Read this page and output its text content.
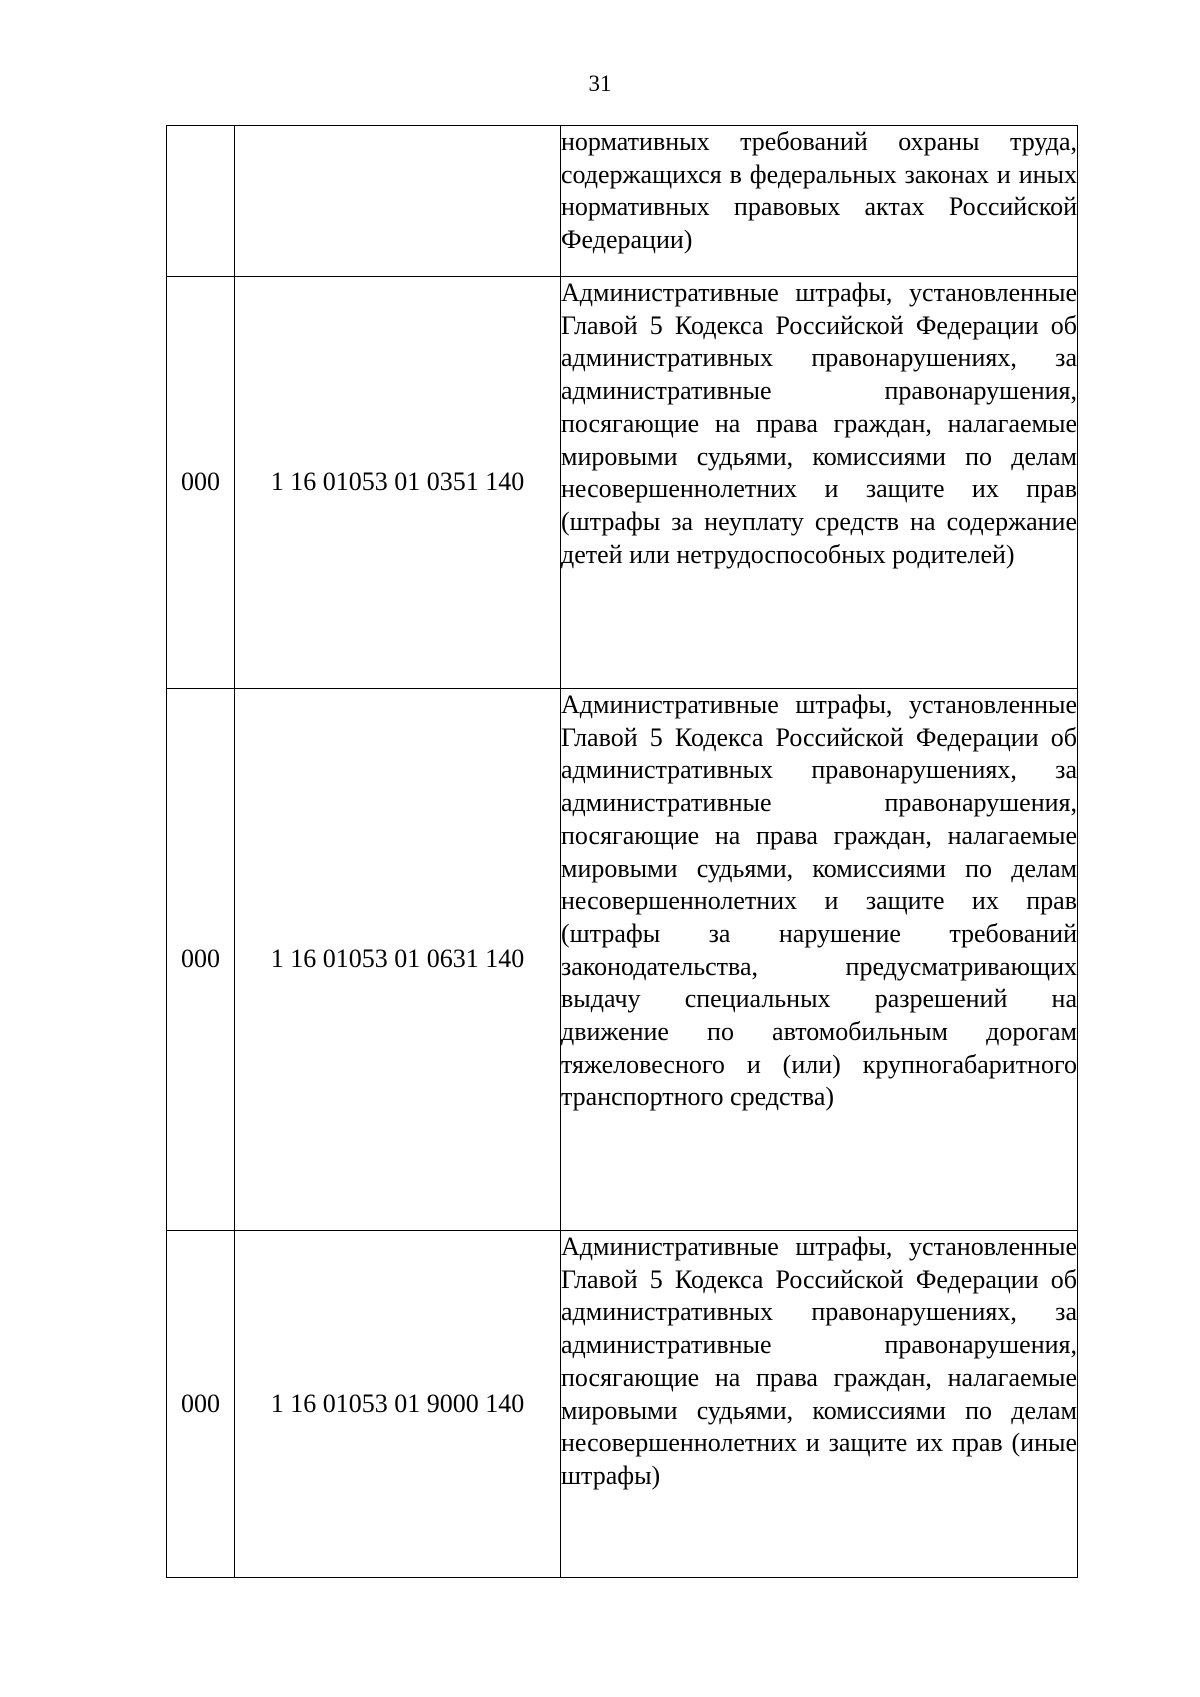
31
		нормативных требований охраны труда, содержащихся в федеральных законах и иных нормативных правовых актах Российской Федерации)
000	1 16 01053 01 0351 140	Административные штрафы, установленные Главой 5 Кодекса Российской Федерации об административных правонарушениях, за административные правонарушения, посягающие на права граждан, налагаемые мировыми судьями, комиссиями по делам несовершеннолетних и защите их прав (штрафы за неуплату средств на содержание детей или нетрудоспособных родителей)
000	1 16 01053 01 0631 140	Административные штрафы, установленные Главой 5 Кодекса Российской Федерации об административных правонарушениях, за административные правонарушения, посягающие на права граждан, налагаемые мировыми судьями, комиссиями по делам несовершеннолетних и защите их прав (штрафы за нарушение требований законодательства, предусматривающих выдачу специальных разрешений на движение по автомобильным дорогам тяжеловесного и (или) крупногабаритного транспортного средства)
000	1 16 01053 01 9000 140	Административные штрафы, установленные Главой 5 Кодекса Российской Федерации об административных правонарушениях, за административные правонарушения, посягающие на права граждан, налагаемые мировыми судьями, комиссиями по делам несовершеннолетних и защите их прав (иные штрафы)
